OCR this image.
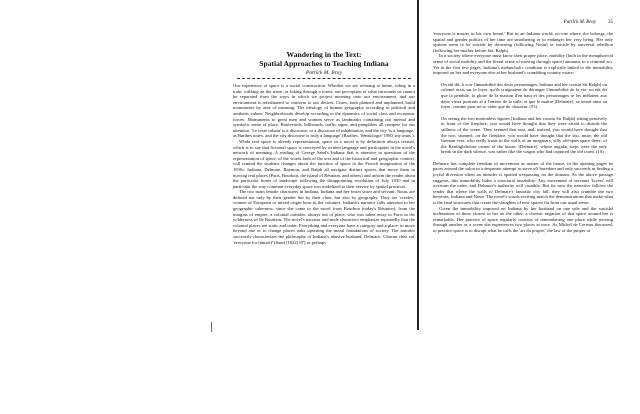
Wandering in the Text:
Spatial Approaches to Teaching Indiana
Patrick M. Bray

Our experience of space is a social construction. Whether we are relaxing at home, riding in a train, walking on the street, or hiking through a forest, our perception of what surrounds us cannot be separated from the ways in which we project meaning onto our environment, and our environment is refashioned to conform to our desires. Cities, both planned and unplanned, build monuments by area of meaning. The ideology of human geography according to political and aesthetic values. Neighborhoods develop according to the dynamics of social class and economic forces. Monuments to great men and women serve as landmarks containing our mental and symbolic sense of place. Boulevards, billboards, traffic signs, and pamphlets all compete for our attention. 'Le texte urbain' is a discourse, or a discourse of inhabitation, and the city 'is a language,' as Barthes notes, and the city discourse is truly a language' (Barthes, 'Sémiologie' 1980, my trans.).

While real space is already representation, space in a novel is by definition always textual, which is to say that fictional space is conveyed by written language and participates in the novel's network of meaning. A reading of George Sand's Indiana that is attentive to questions of the representation of space, of the words both of the text and of the historical and geographic context, will remind the students changes about the function of space in the French imagination of the 1830s. Indiana, Delmare, Raymon, and Ralph all navigate distinct spaces that move them in moving real places (Paris, Bourbon, the island of Réunion, and others) and inform the reader about the particular forms of landscape following the disappointing revolution of July 1830 and in particular the way common everyday space was mobilized to their service by spatial practices.

The two main female characters in Indiana, Indiana and her foster sister and servant, Noun, are defined not only by their gender but by their class, but also by geography. They are 'creoles,' women of European or mixed origin born in the colonies. Indiana's narrator calls attention to her geographic otherness, since she came to the novel from Bourbon (today's Réunion), from the margins of empire, a colonial outsider, always out of place, who was taken away to Paris in the wilderness of île Bourbon. The novel's narrator and male characters emphasize repeatedly that the colonial places are static and order. Everything and everyone have a category and a place; to move beyond one or to change places risks upsetting the moral foundations of society. The narrator succinctly characterizes the philosophy of Indiana's abusive husband, Delmare: 'Chacun chez soi' 'everyone for himself' (Sand [1832] 87) or perhaps

Patrick M. Bray 35

'everyone is master in his own home.' But in an Indiana world, no-one where she belongs, the spatial and gender politics of her time are smothering or to endanger her very being. Her only options seem to be suicide by drowning (following Noun) or suicide by universal rebellion (following her mother before her, Ralph).

In a society where everyone must know their proper place, mobility (both in the metaphorical sense of social mobility and the literal sense of moving through space) amounts to a criminal act. Yet in the first few pages, Indiana's melancholic condition is explicitly linked to the immobility imposed on her and everyone else at her husband's crumbling country estate:

On eût dit, à voir l'immobilité des deux personnages, Indiana and her cousin Sir Ralph) ou colonel assis sur le foyer, qu'ils craignaient de déranger l'immobilité de la vie; on eût dit que la pendule, la gloire de la maison d'en haut et des personnages se les mêlaient aux deux vieux portraits et à l'ombre de la salle, et que le maître [Delmare], se tenait ainsi au foyer, comme pour ne se vider que du chasseur. (53)

On seeing the two motionless figures [Indiana and her cousin Sir Ralph] sitting pensively in front of the fireplace, you would have thought that they were afraid to disturb the stillness of the scene. They seemed that seat, and, instead, you would have thought that the two, stunned, on the fireplace, you would have thought that the last, mute, the old fireman ever, who really trusts in the walls of an imaginary, silly old-spun space there, of the Kentlighthouse owner of the house, [Delmare], whose angular steps were the only break in the dark silence, was rather like the wagon who had captured the old room. (16)

Delmare has complete freedom of movement as master of the house; in the opening pages he paces around the salon in a desperate attempt to stave off boredom and only succeeds in finding a joyful diversion when an intruder is spotted trespassing on the domain. As the above passage suggests, this immobility hides a structural instability. Any movement of servants 'lovers' will overturn the order, and Delmare's authority will crumble. But for now the narrative follows the reader that where the walls of Delmare's fantastic city fall, they will also crumble the two heroines, Indiana and Noun. The novel's words exciting match the demonstrations that make what is the fatal structures that create the slaughter of new spaces far from our usual sense.

Given the immobility imposed on Indiana by her husband on one side and the suicidal inclinations of those closest to her on the other, a chronic negation of that space around her is remarkable. Her practice of space regularly consists of remembering one place while moving through another or a scene she experiences two places at once. As Michel de Certeau theorized, to practice space is to disrupt what he calls the 'art du propre,' the law of the proper of
